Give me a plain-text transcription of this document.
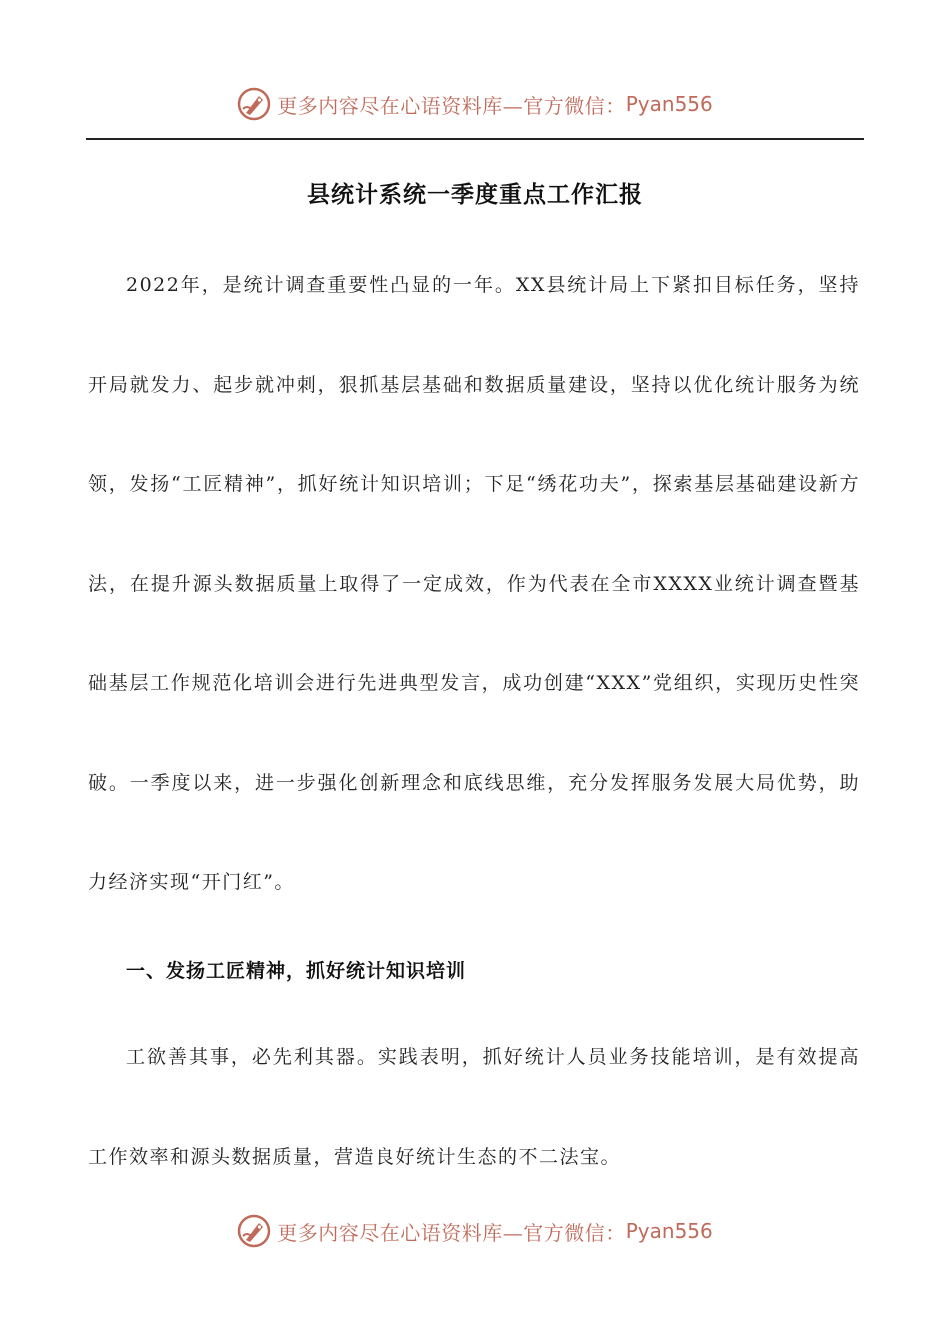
更多内容尽在心语资料库—官方微信： Pyan556
县统计系统一季度重点工作汇报

2022年，是统计调查重要性凸显的一年。XX县统计局上下紧扣目标任务，坚持开局就发力、起步就冲刺，狠抓基层基础和数据质量建设，坚持以优化统计服务为统领，发扬“工匠精神”，抓好统计知识培训；下足“绣花功夫”，探索基层基础建设新方法，在提升源头数据质量上取得了一定成效，作为代表在全市XXXX业统计调查暨基础基层工作规范化培训会进行先进典型发言，成功创建“XXX”党组织，实现历史性突破。一季度以来，进一步强化创新理念和底线思维，充分发挥服务发展大局优势，助力经济实现“开门红”。

一、发扬工匠精神，抓好统计知识培训

工欲善其事，必先利其器。实践表明，抓好统计人员业务技能培训，是有效提高工作效率和源头数据质量，营造良好统计生态的不二法宝。

更多内容尽在心语资料库—官方微信： Pyan556
